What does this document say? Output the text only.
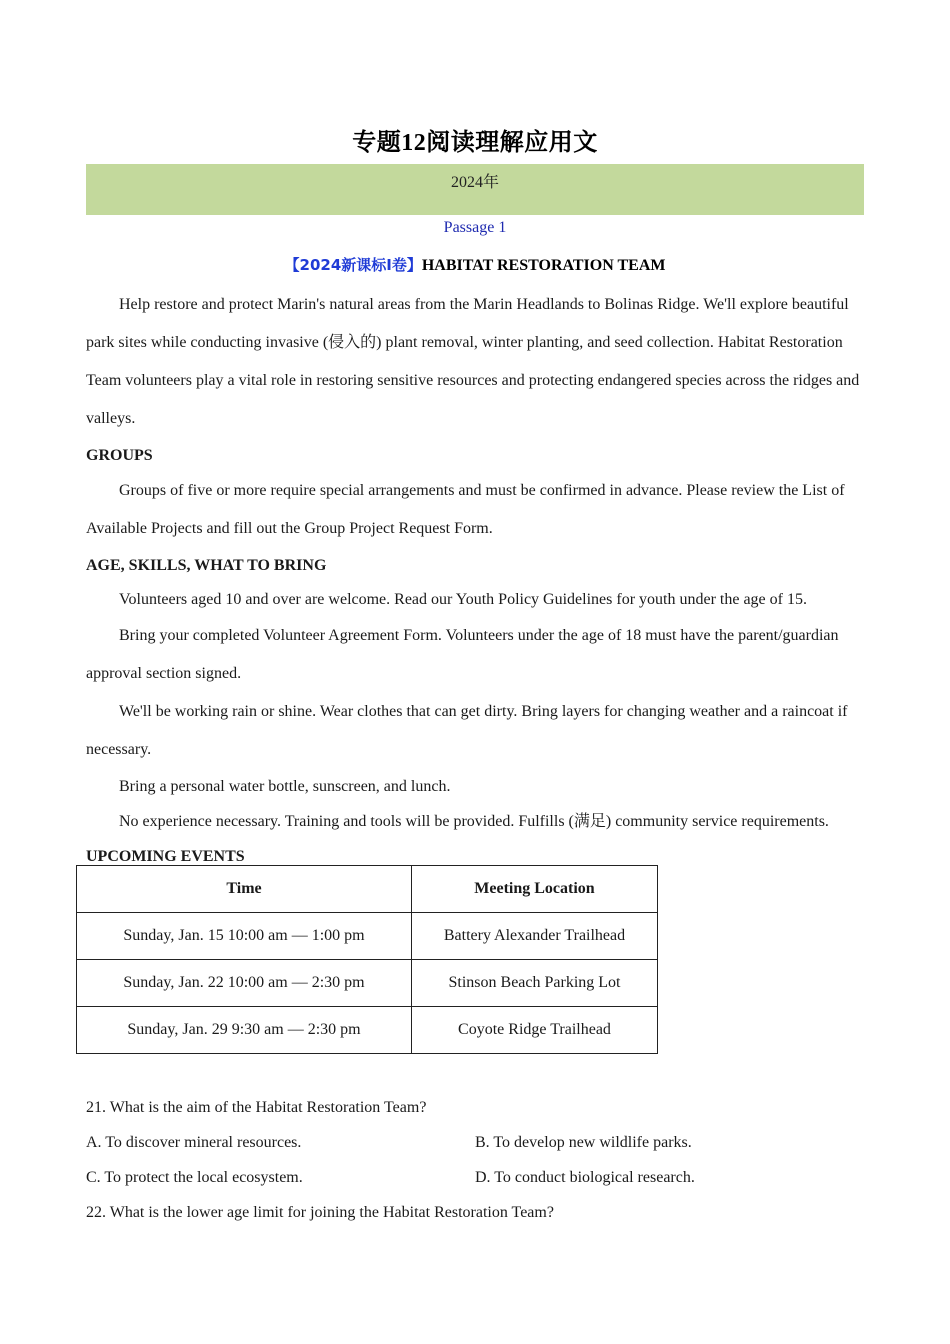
专题12阅读理解应用文
2024年
Passage 1
【2024新课标Ⅰ卷】HABITAT RESTORATION TEAM

Help restore and protect Marin's natural areas from the Marin Headlands to Bolinas Ridge. We'll explore beautiful park sites while conducting invasive (侵入的) plant removal, winter planting, and seed collection. Habitat Restoration Team volunteers play a vital role in restoring sensitive resources and protecting endangered species across the ridges and valleys.

GROUPS

Groups of five or more require special arrangements and must be confirmed in advance. Please review the List of Available Projects and fill out the Group Project Request Form.

AGE, SKILLS, WHAT TO BRING

Volunteers aged 10 and over are welcome. Read our Youth Policy Guidelines for youth under the age of 15.

Bring your completed Volunteer Agreement Form. Volunteers under the age of 18 must have the parent/guardian approval section signed.

We'll be working rain or shine. Wear clothes that can get dirty. Bring layers for changing weather and a raincoat if necessary.

Bring a personal water bottle, sunscreen, and lunch.

No experience necessary. Training and tools will be provided. Fulfills (满足) community service requirements.

UPCOMING EVENTS

Time	Meeting Location
Sunday, Jan. 15 10:00 am — 1:00 pm	Battery Alexander Trailhead
Sunday, Jan. 22 10:00 am — 2:30 pm	Stinson Beach Parking Lot
Sunday, Jan. 29 9:30 am — 2:30 pm	Coyote Ridge Trailhead

21. What is the aim of the Habitat Restoration Team?

A. To discover mineral resources.	B. To develop new wildlife parks.
C. To protect the local ecosystem.	D. To conduct biological research.

22. What is the lower age limit for joining the Habitat Restoration Team?
